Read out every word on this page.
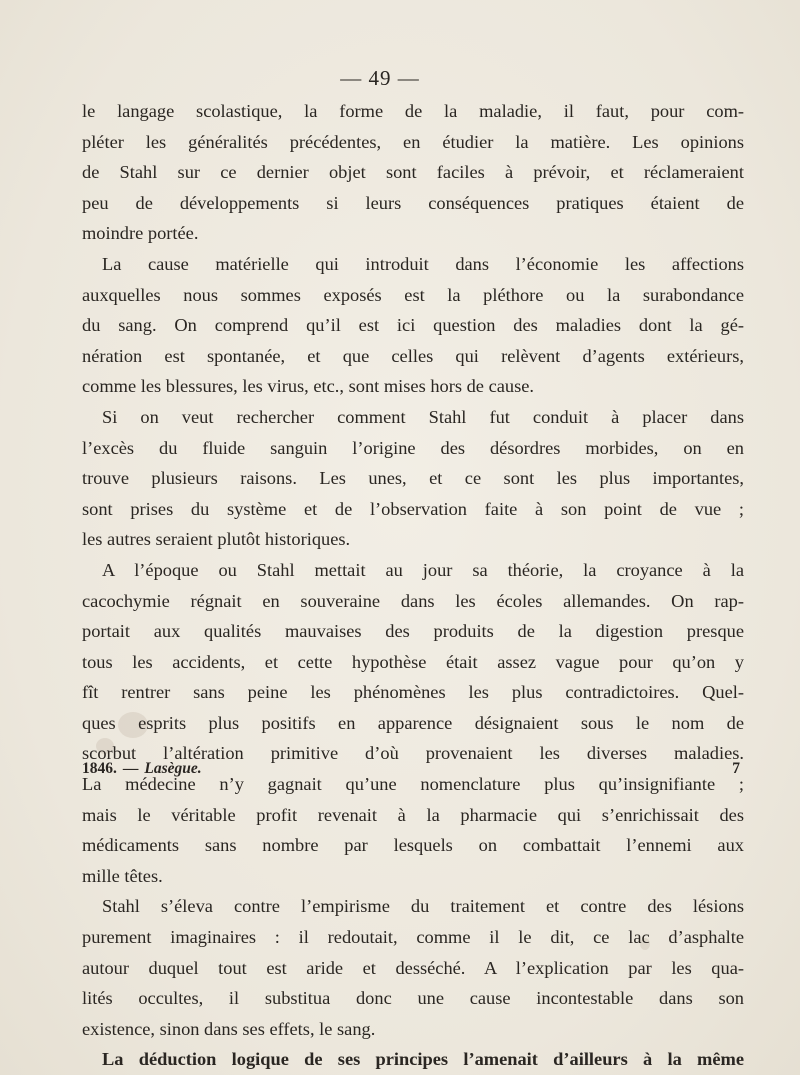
— 49 —
le langage scolastique, la forme de la maladie, il faut, pour com-
pléter les généralités précédentes, en étudier la matière. Les opinions
de Stahl sur ce dernier objet sont faciles à prévoir, et réclameraient
peu de développements si leurs conséquences pratiques étaient de
moindre portée.
La cause matérielle qui introduit dans l’économie les affections
auxquelles nous sommes exposés est la pléthore ou la surabondance
du sang. On comprend qu’il est ici question des maladies dont la gé-
nération est spontanée, et que celles qui relèvent d’agents extérieurs,
comme les blessures, les virus, etc., sont mises hors de cause.
Si on veut rechercher comment Stahl fut conduit à placer dans
l’excès du fluide sanguin l’origine des désordres morbides, on en
trouve plusieurs raisons. Les unes, et ce sont les plus importantes,
sont prises du système et de l’observation faite à son point de vue ;
les autres seraient plutôt historiques.
A l’époque ou Stahl mettait au jour sa théorie, la croyance à la
cacochymie régnait en souveraine dans les écoles allemandes. On rap-
portait aux qualités mauvaises des produits de la digestion presque
tous les accidents, et cette hypothèse était assez vague pour qu’on y
fît rentrer sans peine les phénomènes les plus contradictoires. Quel-
ques esprits plus positifs en apparence désignaient sous le nom de
scorbut l’altération primitive d’où provenaient les diverses maladies.
La médecine n’y gagnait qu’une nomenclature plus qu’insignifiante ;
mais le véritable profit revenait à la pharmacie qui s’enrichissait des
médicaments sans nombre par lesquels on combattait l’ennemi aux
mille têtes.
Stahl s’éleva contre l’empirisme du traitement et contre des lésions
purement imaginaires : il redoutait, comme il le dit, ce lac d’asphalte
autour duquel tout est aride et desséché. A l’explication par les qua-
lités occultes, il substitua donc une cause incontestable dans son
existence, sinon dans ses effets, le sang.
La déduction logique de ses principes l’amenait d’ailleurs à la même
1846. — Lasègue.	7
